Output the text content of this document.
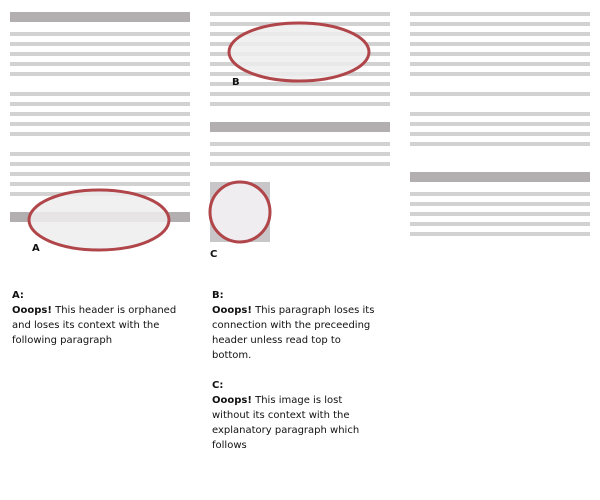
A
B
C
A:
Ooops! This header is orphaned and loses its context with the following paragraph
B:
Ooops! This paragraph loses its connection with the preceeding header unless read top to bottom.
C:
Ooops! This image is lost without its context with the explanatory paragraph which follows
